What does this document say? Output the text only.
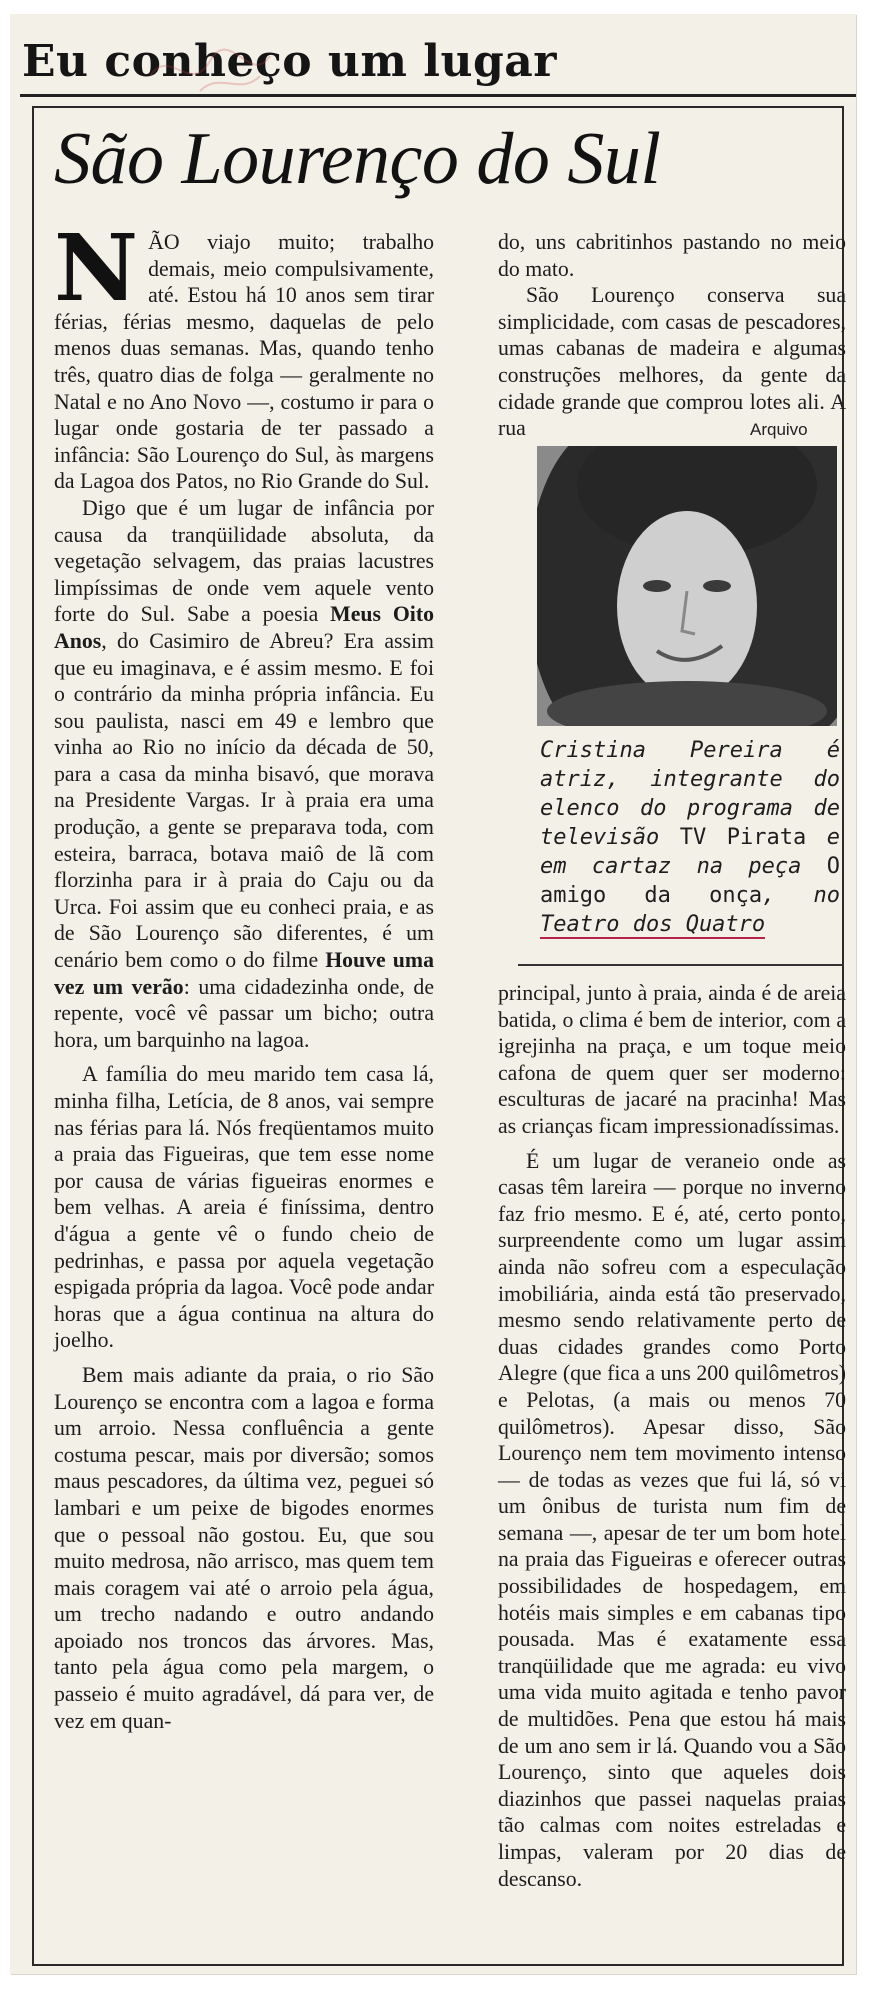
Eu conheço um lugar
São Lourenço do Sul

NÃO viajo muito; trabalho demais, meio compulsivamente, até. Estou há 10 anos sem tirar férias, férias mesmo, daquelas de pelo menos duas semanas. Mas, quando tenho três, quatro dias de folga — geralmente no Natal e no Ano Novo —, costumo ir para o lugar onde gostaria de ter passado a infância: São Lourenço do Sul, às margens da Lagoa dos Patos, no Rio Grande do Sul.

Digo que é um lugar de infância por causa da tranqüilidade absoluta, da vegetação selvagem, das praias lacustres limpíssimas de onde vem aquele vento forte do Sul. Sabe a poesia Meus Oito Anos, do Casimiro de Abreu? Era assim que eu imaginava, e é assim mesmo. E foi o contrário da minha própria infância. Eu sou paulista, nasci em 49 e lembro que vinha ao Rio no início da década de 50, para a casa da minha bisavó, que morava na Presidente Vargas. Ir à praia era uma produção, a gente se preparava toda, com esteira, barraca, botava maiô de lã com florzinha para ir à praia do Caju ou da Urca. Foi assim que eu conheci praia, e as de São Lourenço são diferentes, é um cenário bem como o do filme Houve uma vez um verão: uma cidadezinha onde, de repente, você vê passar um bicho; outra hora, um barquinho na lagoa.

A família do meu marido tem casa lá, minha filha, Letícia, de 8 anos, vai sempre nas férias para lá. Nós freqüentamos muito a praia das Figueiras, que tem esse nome por causa de várias figueiras enormes e bem velhas. A areia é finíssima, dentro d'água a gente vê o fundo cheio de pedrinhas, e passa por aquela vegetação espigada própria da lagoa. Você pode andar horas que a água continua na altura do joelho.

Bem mais adiante da praia, o rio São Lourenço se encontra com a lagoa e forma um arroio. Nessa confluência a gente costuma pescar, mais por diversão; somos maus pescadores, da última vez, peguei só lambari e um peixe de bigodes enormes que o pessoal não gostou. Eu, que sou muito medrosa, não arrisco, mas quem tem mais coragem vai até o arroio pela água, um trecho nadando e outro andando apoiado nos troncos das árvores. Mas, tanto pela água como pela margem, o passeio é muito agradável, dá para ver, de vez em quan-

do, uns cabritinhos pastando no meio do mato.

São Lourenço conserva sua simplicidade, com casas de pescadores, umas cabanas de madeira e algumas construções melhores, da gente da cidade grande que comprou lotes ali. A rua	Arquivo
Cristina Pereira é atriz, integrante do elenco do programa de televisão TV Pirata e em cartaz na peça O amigo da onça, no Teatro dos Quatro

principal, junto à praia, ainda é de areia batida, o clima é bem de interior, com a igrejinha na praça, e um toque meio cafona de quem quer ser moderno: esculturas de jacaré na pracinha! Mas as crianças ficam impressionadíssimas.

É um lugar de veraneio onde as casas têm lareira — porque no inverno faz frio mesmo. E é, até, certo ponto, surpreendente como um lugar assim ainda não sofreu com a especulação imobiliária, ainda está tão preservado, mesmo sendo relativamente perto de duas cidades grandes como Porto Alegre (que fica a uns 200 quilômetros) e Pelotas, (a mais ou menos 70 quilômetros). Apesar disso, São Lourenço nem tem movimento intenso — de todas as vezes que fui lá, só vi um ônibus de turista num fim de semana —, apesar de ter um bom hotel na praia das Figueiras e oferecer outras possibilidades de hospedagem, em hotéis mais simples e em cabanas tipo pousada. Mas é exatamente essa tranqüilidade que me agrada: eu vivo uma vida muito agitada e tenho pavor de multidões. Pena que estou há mais de um ano sem ir lá. Quando vou a São Lourenço, sinto que aqueles dois diazinhos que passei naquelas praias tão calmas com noites estreladas e limpas, valeram por 20 dias de descanso.
